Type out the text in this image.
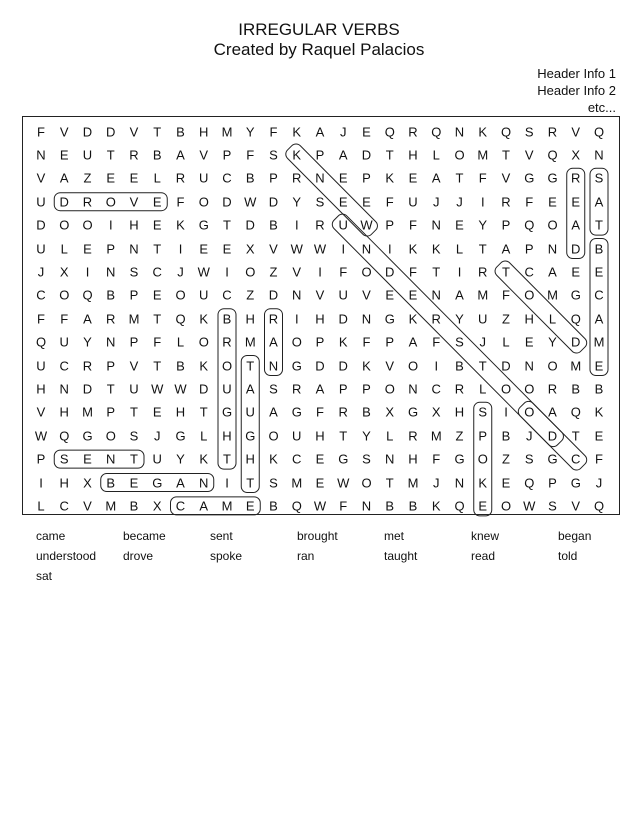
IRREGULAR VERBS
Created by Raquel Palacios
Header Info 1
Header Info 2
etc...
F	V	D	D	V	T	B	H	M	Y	F	K	A	J	E	Q	R	Q	N	K	Q	S	R	V	Q
N	E	U	T	R	B	A	V	P	F	S	K	P	A	D	T	H	L	O M	T	V	Q	X	N
V	A	Z	E	E	L	R	U	C	B	P	R	N	E	P	K	E	A	T	F	V	G	G	R	S
U	D	R	O	V	E	F	O	D W D	Y	S	E	E	F	U	J	J	I	R	F	E	E	A
D	O	O	I	H	E	K	G	T	D	B	I	R	U W P	F	N	E	Y	P	Q	O	A	T
U	L	E	P	N	T	I	E	E	X	V W W	I	N	I	K	K	L	T	A	P	N	D	B
J	X	I	N	S	C	J	W	I	O	Z	V	I	F	O	D	F	T	I	R	T	C	A	E	E
C	O	Q	B	P	E	O	U	C	Z	D	N	V	U	V	E	E	N	A	M	F	O M G	C
F	F	A	R	M	T	Q	K	B	H	R	I	H	D	N	G	K	R	Y	U	Z	H	L	Q	A
Q	U	Y	N	P	F	L	O	R	M	A	O	P	K	F	P	A	F	S	J	L	E	Y	D	M
U	C	R	P	V	T	B	K	O	T	N	G	D	D	K	V	O	I	B	T	D	N	O M	E
H	N	D	T	U W W D	U	A	S	R	A	P	P	O	N	C	R	L	O	O	R	B	B
V	H	M	P	T	E	H	T	G	U	A	G	F	R	B	X	G	X	H	S	I	O	A	Q	K
W Q	G	O	S	J	G	L	H	G	O	U	H	T	Y	L	R	M	Z	P	B	J	D	T	E
P	S	E	N	T	U	Y	K	T	H	K	C	E	G	S	N	H	F	G	O	Z	S	G	C	F
I	H	X	B	E	G	A	N	I	T	S	M	E W O	T	M	J	N	K	E	Q	P	G	J
L	C	V	M	B	X	C	A	M	E	B	Q W	F	N	B	B	K	Q	E	O W S	V	Q
came	became	sent	brought	met	knew	began
understood drove	spoke	ran	taught	read	told
sat
